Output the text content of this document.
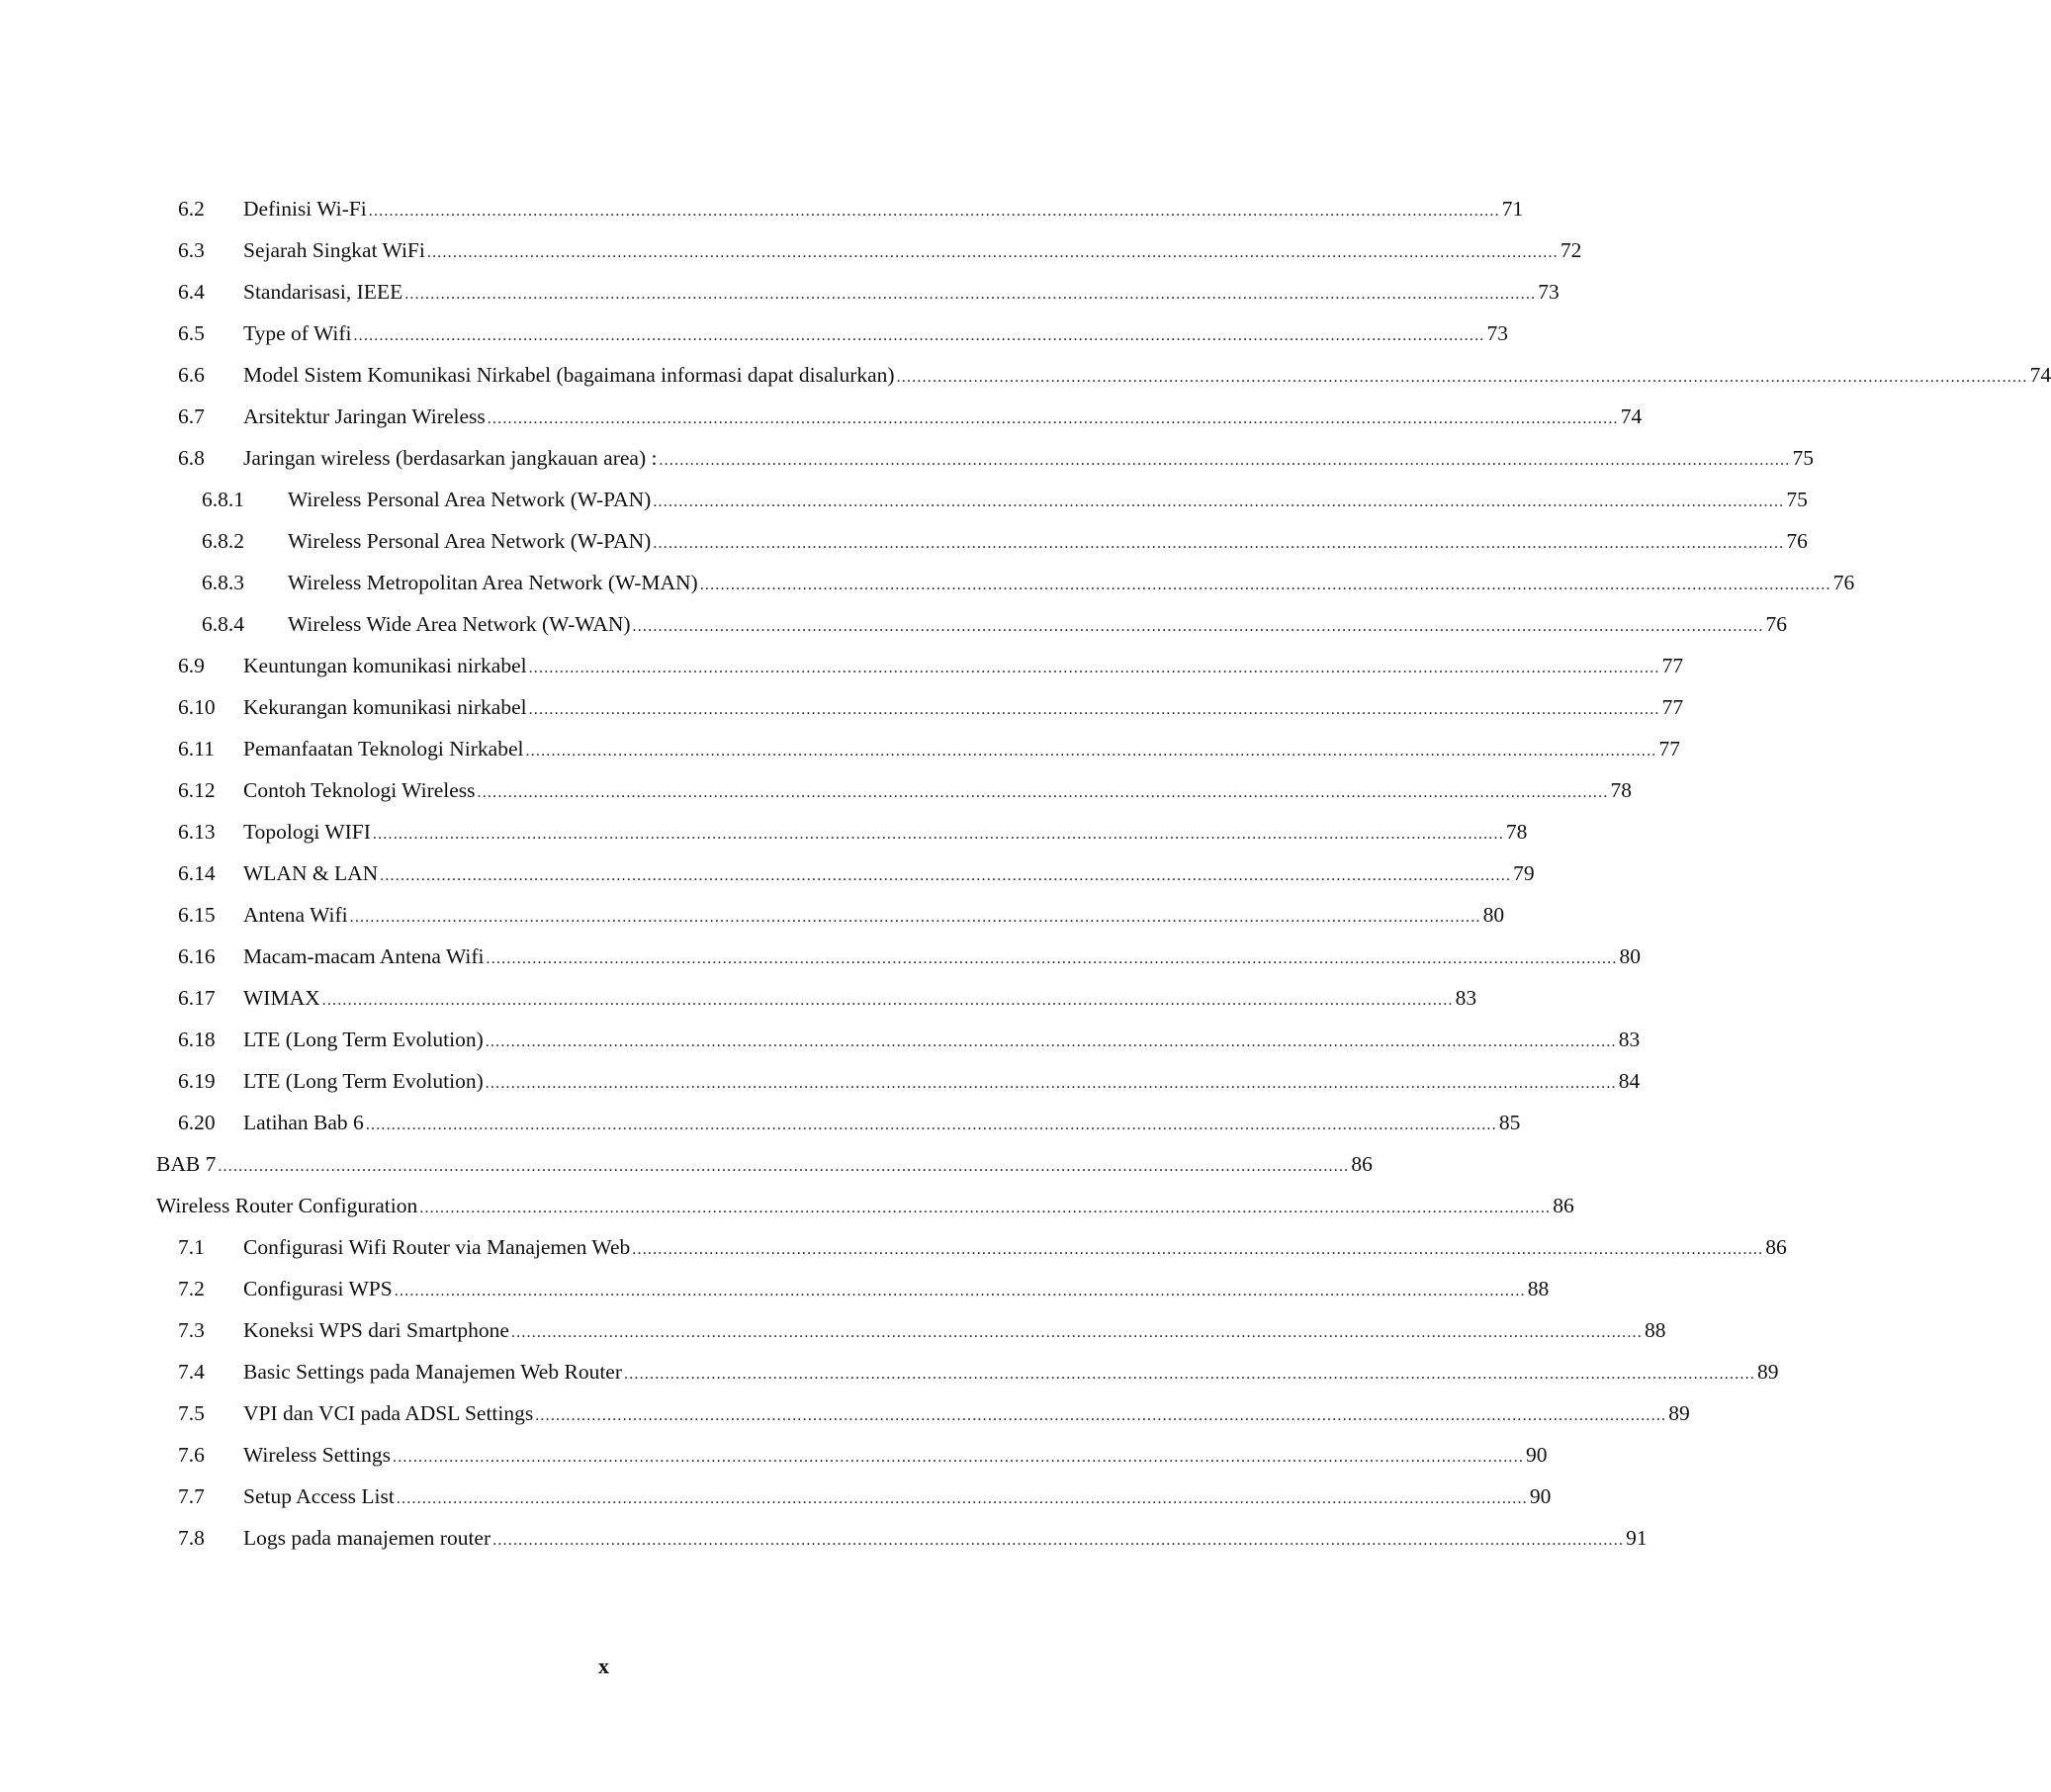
6.2	Definisi Wi-Fi ............................................................................................................................................................................................................................ 71
6.3	Sejarah Singkat WiFi ............................................................................................................................................................................................................................ 72
6.4	Standarisasi, IEEE ............................................................................................................................................................................................................................ 73
6.5	Type of Wifi ............................................................................................................................................................................................................................ 73
6.6	Model Sistem Komunikasi Nirkabel (bagaimana informasi dapat disalurkan) ............................................................................................................................................................................................................................ 74
6.7	Arsitektur Jaringan Wireless ............................................................................................................................................................................................................................ 74
6.8	Jaringan wireless (berdasarkan jangkauan area) : ............................................................................................................................................................................................................................ 75
6.8.1	Wireless Personal Area Network (W-PAN) ............................................................................................................................................................................................................................ 75
6.8.2	Wireless Personal Area Network (W-PAN) ............................................................................................................................................................................................................................ 76
6.8.3	Wireless Metropolitan Area Network (W-MAN) ............................................................................................................................................................................................................................ 76
6.8.4	Wireless Wide Area Network (W-WAN) ............................................................................................................................................................................................................................ 76
6.9	Keuntungan komunikasi nirkabel ............................................................................................................................................................................................................................ 77
6.10	Kekurangan komunikasi nirkabel ............................................................................................................................................................................................................................ 77
6.11	Pemanfaatan Teknologi Nirkabel ............................................................................................................................................................................................................................ 77
6.12	Contoh Teknologi Wireless ............................................................................................................................................................................................................................ 78
6.13	Topologi WIFI ............................................................................................................................................................................................................................ 78
6.14	WLAN & LAN ............................................................................................................................................................................................................................ 79
6.15	Antena Wifi ............................................................................................................................................................................................................................ 80
6.16	Macam-macam Antena Wifi ............................................................................................................................................................................................................................ 80
6.17	WIMAX ............................................................................................................................................................................................................................ 83
6.18	LTE (Long Term Evolution) ............................................................................................................................................................................................................................ 83
6.19	LTE (Long Term Evolution) ............................................................................................................................................................................................................................ 84
6.20	Latihan Bab 6 ............................................................................................................................................................................................................................ 85
BAB 7 ............................................................................................................................................................................................................................ 86
Wireless Router Configuration ............................................................................................................................................................................................................................ 86
7.1	Configurasi Wifi Router via Manajemen Web ............................................................................................................................................................................................................................ 86
7.2	Configurasi WPS ............................................................................................................................................................................................................................ 88
7.3	Koneksi WPS dari Smartphone ............................................................................................................................................................................................................................ 88
7.4	Basic Settings pada Manajemen Web Router ............................................................................................................................................................................................................................ 89
7.5	VPI dan VCI pada ADSL Settings ............................................................................................................................................................................................................................ 89
7.6	Wireless Settings ............................................................................................................................................................................................................................ 90
7.7	Setup Access List ............................................................................................................................................................................................................................ 90
7.8	Logs pada manajemen router ............................................................................................................................................................................................................................ 91
x
